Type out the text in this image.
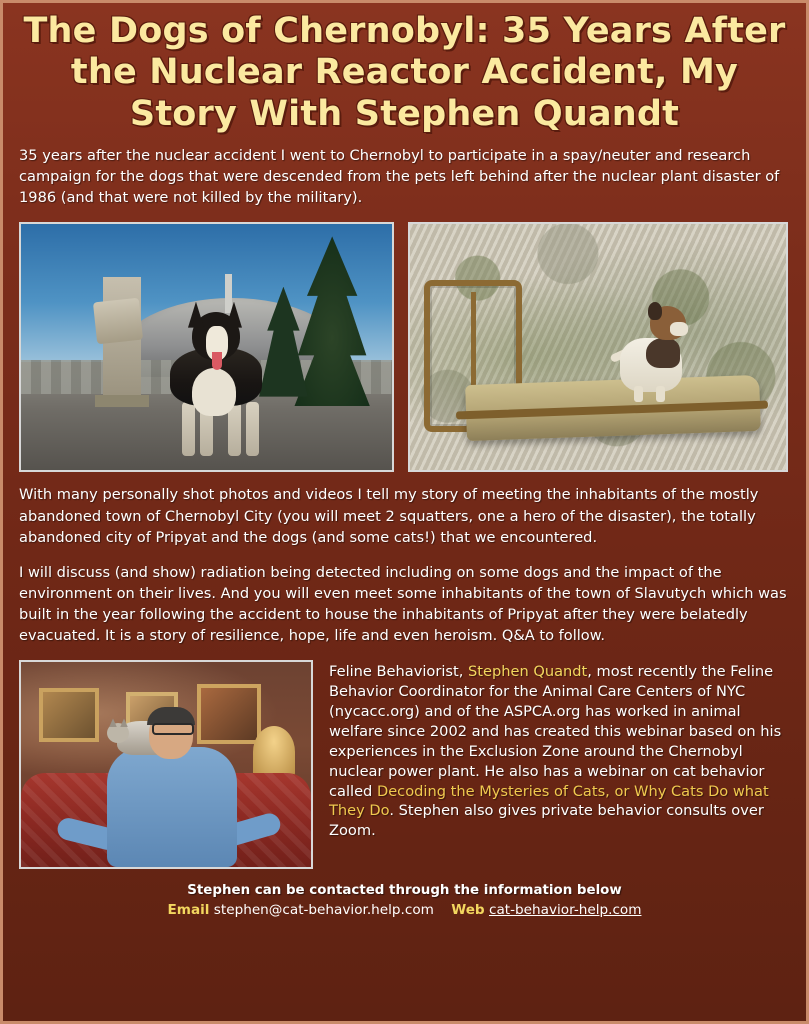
The Dogs of Chernobyl: 35 Years After the Nuclear Reactor Accident, My Story With Stephen Quandt

35 years after the nuclear accident I went to Chernobyl to participate in a spay/neuter and research campaign for the dogs that were descended from the pets left behind after the nuclear plant disaster of 1986 (and that were not killed by the military).

With many personally shot photos and videos I tell my story of meeting the inhabitants of the mostly abandoned town of Chernobyl City (you will meet 2 squatters, one a hero of the disaster), the totally abandoned city of Pripyat and the dogs (and some cats!) that we encountered.

I will discuss (and show) radiation being detected including on some dogs and the impact of the environment on their lives. And you will even meet some inhabitants of the town of Slavutych which was built in the year following the accident to house the inhabitants of Pripyat after they were belatedly evacuated. It is a story of resilience, hope, life and even heroism. Q&A to follow.

Feline Behaviorist, Stephen Quandt, most recently the Feline Behavior Coordinator for the Animal Care Centers of NYC (nycacc.org) and of the ASPCA.org has worked in animal welfare since 2002 and has created this webinar based on his experiences in the Exclusion Zone around the Chernobyl nuclear power plant. He also has a webinar on cat behavior called Decoding the Mysteries of Cats, or Why Cats Do what They Do. Stephen also gives private behavior consults over Zoom.
Stephen can be contacted through the information below
Email stephen@cat-behavior.help.com Web cat-behavior-help.com
